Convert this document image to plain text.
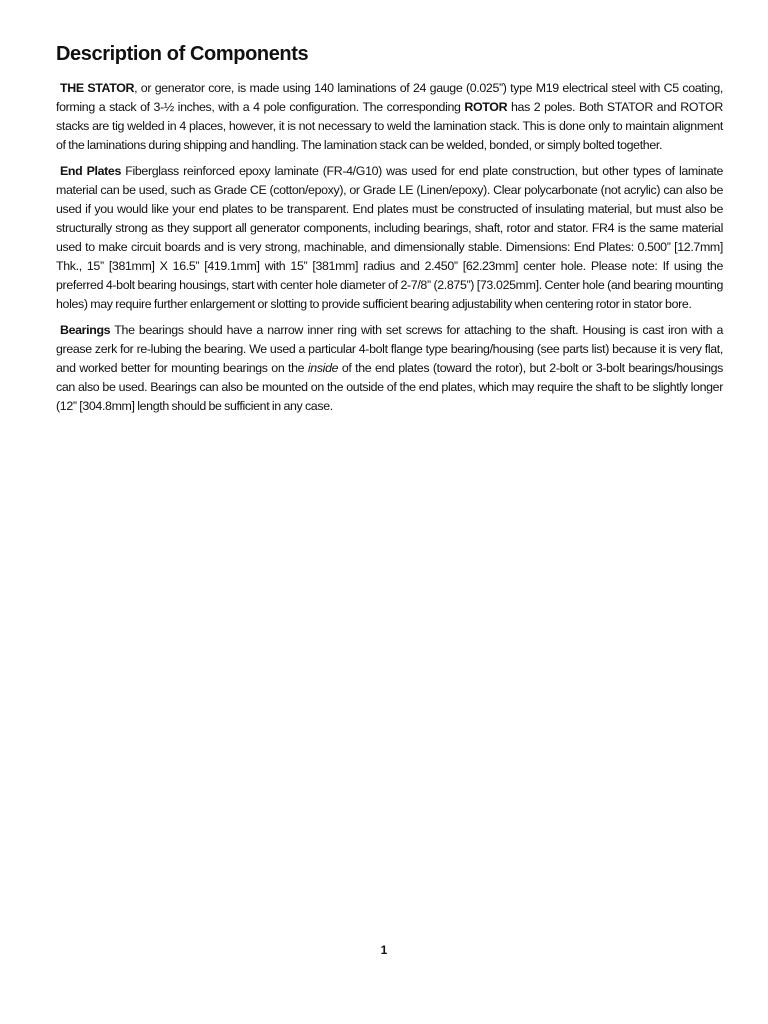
Description of Components

THE STATOR, or generator core, is made using 140 laminations of 24 gauge (0.025”) type M19 electrical steel with C5 coating, forming a stack of 3-½ inches, with a 4 pole configuration. The corresponding ROTOR has 2 poles. Both STATOR and ROTOR stacks are tig welded in 4 places, however, it is not necessary to weld the lamination stack. This is done only to maintain alignment of the laminations during shipping and handling. The lamination stack can be welded, bonded, or simply bolted together.

End Plates Fiberglass reinforced epoxy laminate (FR-4/G10) was used for end plate construction, but other types of laminate material can be used, such as Grade CE (cotton/epoxy), or Grade LE (Linen/epoxy). Clear polycarbonate (not acrylic) can also be used if you would like your end plates to be transparent. End plates must be constructed of insulating material, but must also be structurally strong as they support all generator components, including bearings, shaft, rotor and stator. FR4 is the same material used to make circuit boards and is very strong, machinable, and dimensionally stable. Dimensions: End Plates: 0.500” [12.7mm] Thk., 15” [381mm] X 16.5” [419.1mm] with 15” [381mm] radius and 2.450” [62.23mm] center hole. Please note: If using the preferred 4-bolt bearing housings, start with center hole diameter of 2-7/8” (2.875”) [73.025mm]. Center hole (and bearing mounting holes) may require further enlargement or slotting to provide sufficient bearing adjustability when centering rotor in stator bore.

Bearings The bearings should have a narrow inner ring with set screws for attaching to the shaft. Housing is cast iron with a grease zerk for re-lubing the bearing. We used a particular 4-bolt flange type bearing/housing (see parts list) because it is very flat, and worked better for mounting bearings on the inside of the end plates (toward the rotor), but 2-bolt or 3-bolt bearings/housings can also be used. Bearings can also be mounted on the outside of the end plates, which may require the shaft to be slightly longer (12” [304.8mm] length should be sufficient in any case.

1
